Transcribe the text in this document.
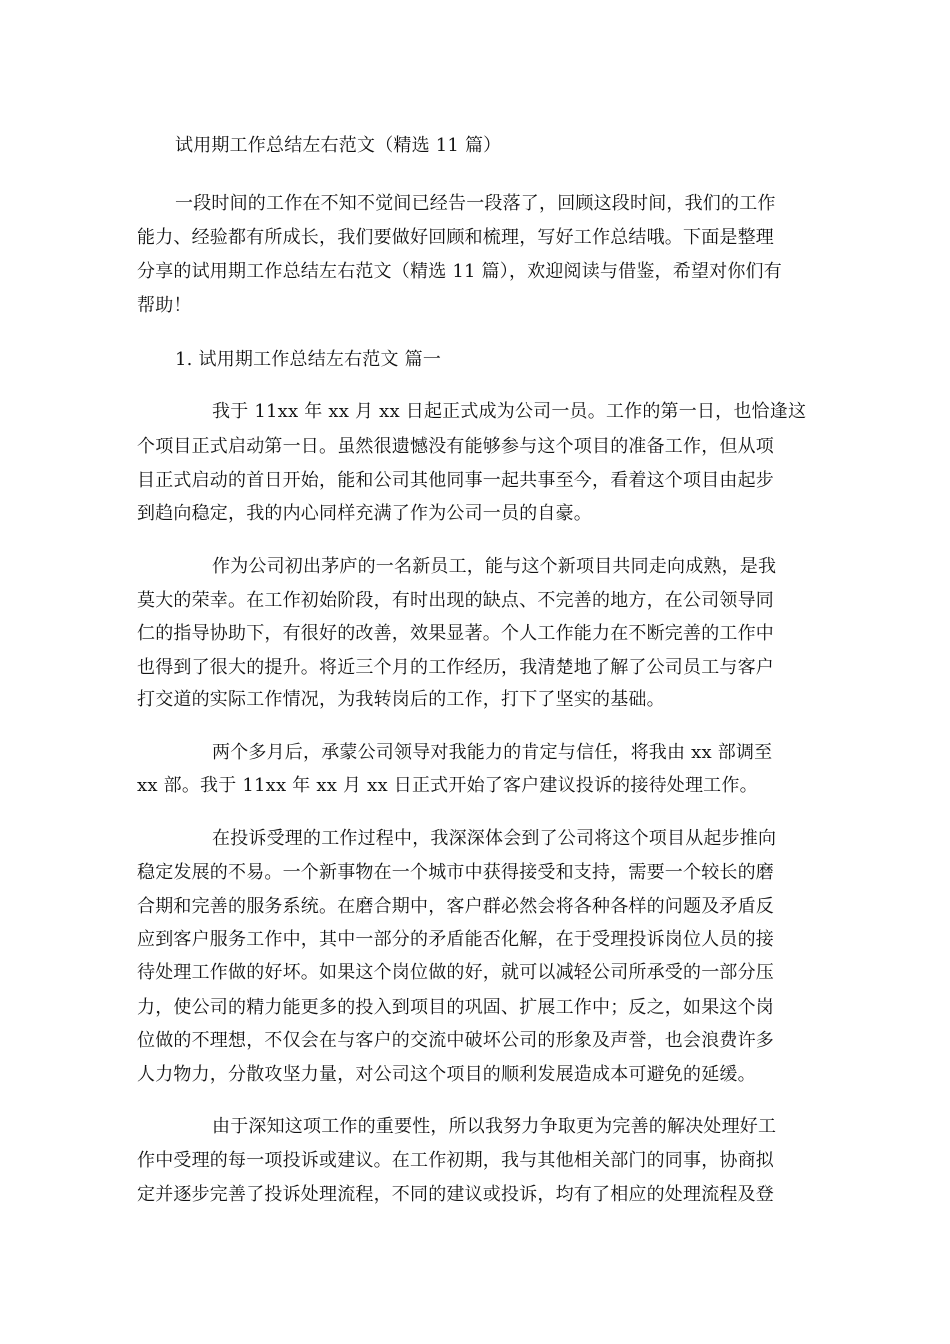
试用期工作总结左右范文（精选 11 篇）
一段时间的工作在不知不觉间已经告一段落了，回顾这段时间，我们的工作
能力、经验都有所成长，我们要做好回顾和梳理，写好工作总结哦。下面是整理
分享的试用期工作总结左右范文（精选 11 篇），欢迎阅读与借鉴，希望对你们有
帮助！
1. 试用期工作总结左右范文 篇一
我于 11xx 年 xx 月 xx 日起正式成为公司一员。工作的第一日，也恰逢这
个项目正式启动第一日。虽然很遗憾没有能够参与这个项目的准备工作，但从项
目正式启动的首日开始，能和公司其他同事一起共事至今，看着这个项目由起步
到趋向稳定，我的内心同样充满了作为公司一员的自豪。
作为公司初出茅庐的一名新员工，能与这个新项目共同走向成熟，是我
莫大的荣幸。在工作初始阶段，有时出现的缺点、不完善的地方，在公司领导同
仁的指导协助下，有很好的改善，效果显著。个人工作能力在不断完善的工作中
也得到了很大的提升。将近三个月的工作经历，我清楚地了解了公司员工与客户
打交道的实际工作情况，为我转岗后的工作，打下了坚实的基础。
两个多月后，承蒙公司领导对我能力的肯定与信任，将我由 xx 部调至
xx 部。我于 11xx 年 xx 月 xx 日正式开始了客户建议投诉的接待处理工作。
在投诉受理的工作过程中，我深深体会到了公司将这个项目从起步推向
稳定发展的不易。一个新事物在一个城市中获得接受和支持，需要一个较长的磨
合期和完善的服务系统。在磨合期中，客户群必然会将各种各样的问题及矛盾反
应到客户服务工作中，其中一部分的矛盾能否化解，在于受理投诉岗位人员的接
待处理工作做的好坏。如果这个岗位做的好，就可以减轻公司所承受的一部分压
力，使公司的精力能更多的投入到项目的巩固、扩展工作中；反之，如果这个岗
位做的不理想，不仅会在与客户的交流中破坏公司的形象及声誉，也会浪费许多
人力物力，分散攻坚力量，对公司这个项目的顺利发展造成本可避免的延缓。
由于深知这项工作的重要性，所以我努力争取更为完善的解决处理好工
作中受理的每一项投诉或建议。在工作初期，我与其他相关部门的同事，协商拟
定并逐步完善了投诉处理流程，不同的建议或投诉，均有了相应的处理流程及登
